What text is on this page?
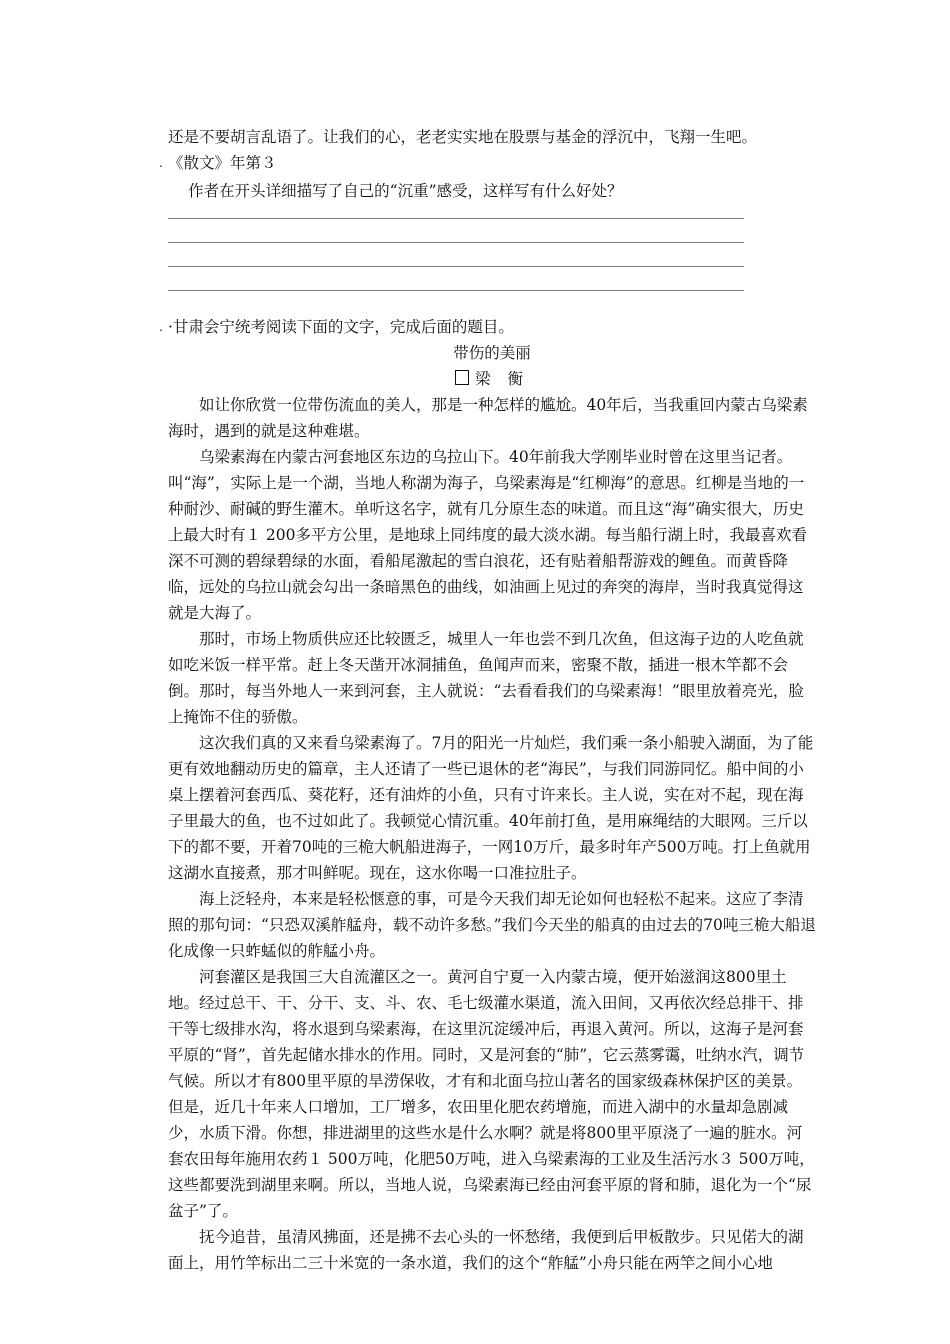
还是不要胡言乱语了。让我们的心，老老实实地在股票与基金的浮沉中，飞翔一生吧。

. 《散文》年第３

作者在开头详细描写了自己的“沉重”感受，这样写有什么好处？

. ·甘肃会宁统考阅读下面的文字，完成后面的题目。

带伤的美丽

梁 衡

如让你欣赏一位带伤流血的美人，那是一种怎样的尴尬。40年后，当我重回内蒙古乌梁素海时，遇到的就是这种难堪。

乌梁素海在内蒙古河套地区东边的乌拉山下。40年前我大学刚毕业时曾在这里当记者。叫“海”，实际上是一个湖，当地人称湖为海子，乌梁素海是“红柳海”的意思。红柳是当地的一种耐沙、耐碱的野生灌木。单听这名字，就有几分原生态的味道。而且这“海”确实很大，历史上最大时有１ 200多平方公里，是地球上同纬度的最大淡水湖。每当船行湖上时，我最喜欢看深不可测的碧绿碧绿的水面，看船尾激起的雪白浪花，还有贴着船帮游戏的鲤鱼。而黄昏降临，远处的乌拉山就会勾出一条暗黑色的曲线，如油画上见过的奔突的海岸，当时我真觉得这就是大海了。

那时，市场上物质供应还比较匮乏，城里人一年也尝不到几次鱼，但这海子边的人吃鱼就如吃米饭一样平常。赶上冬天凿开冰洞捕鱼，鱼闻声而来，密聚不散，插进一根木竿都不会倒。那时，每当外地人一来到河套，主人就说：“去看看我们的乌梁素海！”眼里放着亮光，脸上掩饰不住的骄傲。

这次我们真的又来看乌梁素海了。7月的阳光一片灿烂，我们乘一条小船驶入湖面，为了能更有效地翻动历史的篇章，主人还请了一些已退休的老“海民”，与我们同游同忆。船中间的小桌上摆着河套西瓜、葵花籽，还有油炸的小鱼，只有寸许来长。主人说，实在对不起，现在海子里最大的鱼，也不过如此了。我顿觉心情沉重。40年前打鱼，是用麻绳结的大眼网。三斤以下的都不要，开着70吨的三桅大帆船进海子，一网10万斤，最多时年产500万吨。打上鱼就用这湖水直接煮，那才叫鲜呢。现在，这水你喝一口准拉肚子。

海上泛轻舟，本来是轻松惬意的事，可是今天我们却无论如何也轻松不起来。这应了李清照的那句词：“只恐双溪舴艋舟，载不动许多愁。”我们今天坐的船真的由过去的70吨三桅大船退化成像一只蚱蜢似的舴艋小舟。

河套灌区是我国三大自流灌区之一。黄河自宁夏一入内蒙古境，便开始滋润这800里土地。经过总干、干、分干、支、斗、农、毛七级灌水渠道，流入田间，又再依次经总排干、排干等七级排水沟，将水退到乌梁素海，在这里沉淀缓冲后，再退入黄河。所以，这海子是河套平原的“肾”，首先起储水排水的作用。同时，又是河套的“肺”，它云蒸雾霭，吐纳水汽，调节气候。所以才有800里平原的旱涝保收，才有和北面乌拉山著名的国家级森林保护区的美景。但是，近几十年来人口增加，工厂增多，农田里化肥农药增施，而进入湖中的水量却急剧减少，水质下滑。你想，排进湖里的这些水是什么水啊？就是将800里平原浇了一遍的脏水。河套农田每年施用农药１ 500万吨，化肥50万吨，进入乌梁素海的工业及生活污水３ 500万吨，这些都要洗到湖里来啊。所以，当地人说，乌梁素海已经由河套平原的肾和肺，退化为一个“尿盆子”了。

抚今追昔，虽清风拂面，还是拂不去心头的一怀愁绪，我便到后甲板散步。只见偌大的湖面上，用竹竿标出二三十米宽的一条水道，我们的这个“舴艋”小舟只能在两竿之间小心地
